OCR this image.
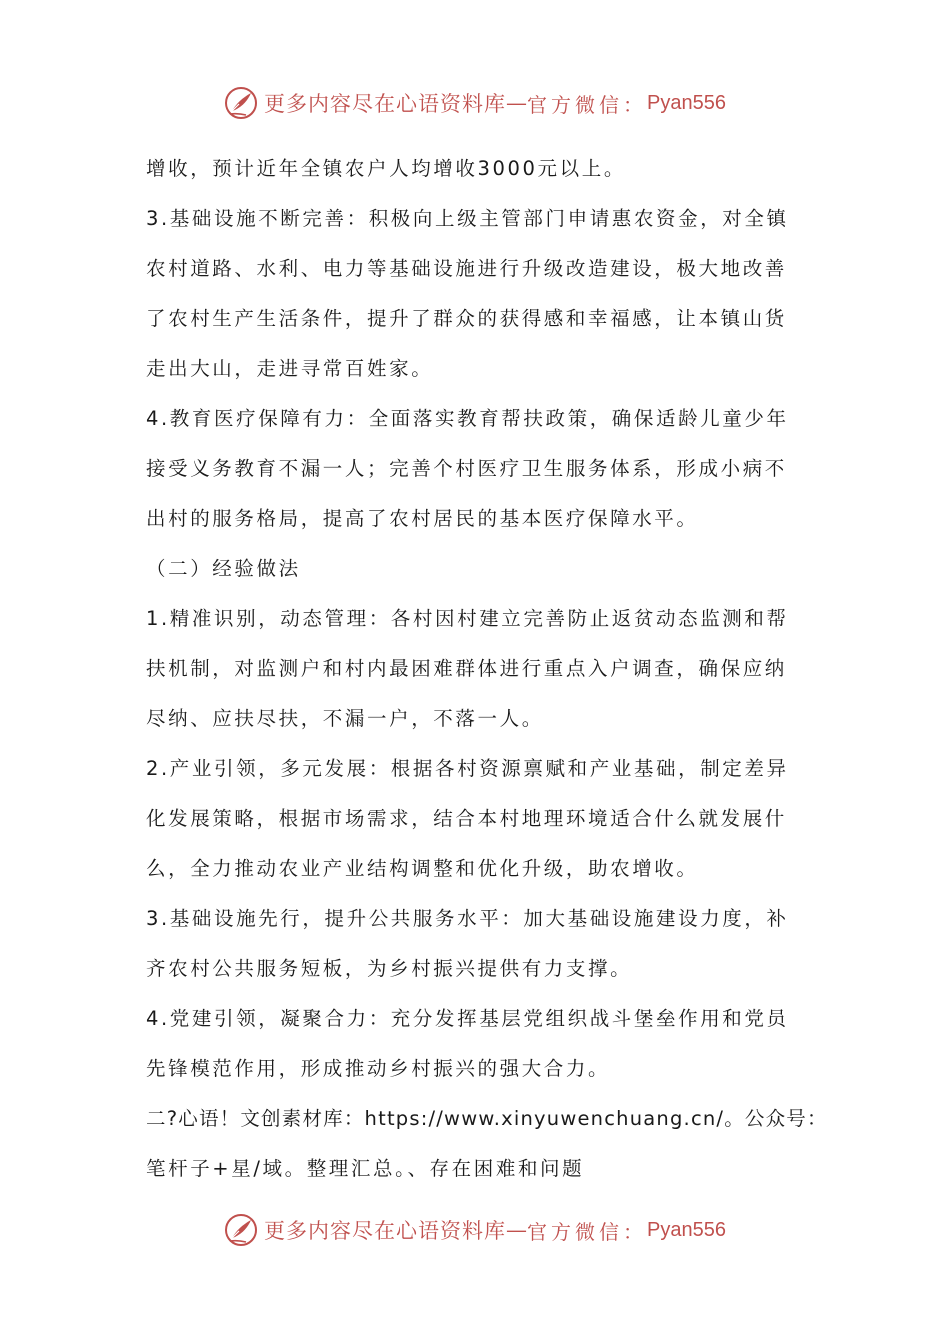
更多内容尽在心语资料库 — 官方微信： Pyan556
增收，预计近年全镇农户人均增收3000元以上。
3.基础设施不断完善：积极向上级主管部门申请惠农资金，对全镇
农村道路、水利、电力等基础设施进行升级改造建设，极大地改善
了农村生产生活条件，提升了群众的获得感和幸福感，让本镇山货
走出大山，走进寻常百姓家。
4.教育医疗保障有力：全面落实教育帮扶政策，确保适龄儿童少年
接受义务教育不漏一人；完善个村医疗卫生服务体系，形成小病不
出村的服务格局，提高了农村居民的基本医疗保障水平。
（二）经验做法
1.精准识别，动态管理：各村因村建立完善防止返贫动态监测和帮
扶机制，对监测户和村内最困难群体进行重点入户调查，确保应纳
尽纳、应扶尽扶，不漏一户，不落一人。
2.产业引领，多元发展：根据各村资源禀赋和产业基础，制定差异
化发展策略，根据市场需求，结合本村地理环境适合什么就发展什
么，全力推动农业产业结构调整和优化升级，助农增收。
3.基础设施先行，提升公共服务水平：加大基础设施建设力度，补
齐农村公共服务短板，为乡村振兴提供有力支撑。
4.党建引领，凝聚合力：充分发挥基层党组织战斗堡垒作用和党员
先锋模范作用，形成推动乡村振兴的强大合力。
二?心语！文创素材库：https://www.xinyuwenchuang.cn/。公众号：
笔杆子+星/域。整理汇总。、存在困难和问题
更多内容尽在心语资料库 — 官方微信： Pyan556
